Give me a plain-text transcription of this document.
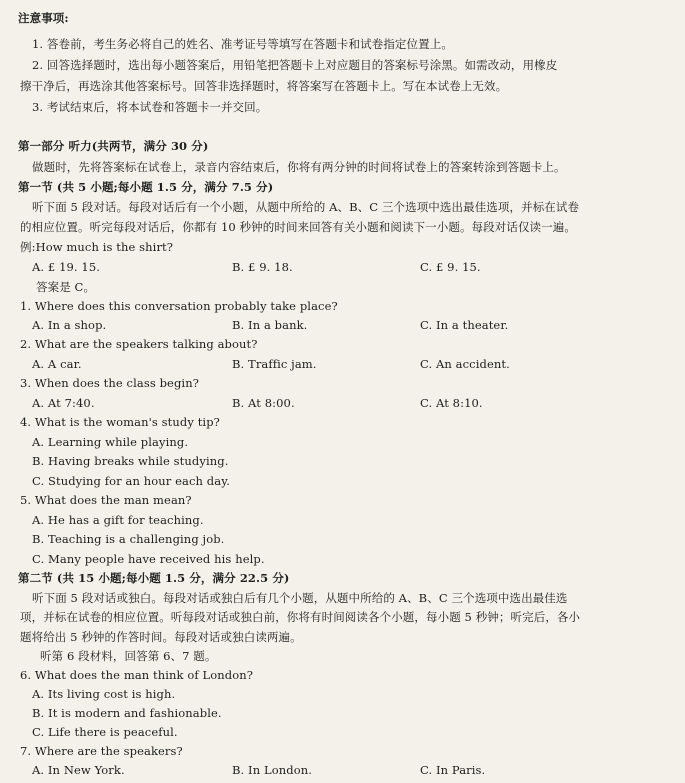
注意事项:
1. 答卷前，考生务必将自己的姓名、准考证号等填写在答题卡和试卷指定位置上。
2. 回答选择题时，选出每小题答案后，用铅笔把答题卡上对应题目的答案标号涂黑。如需改动，用橡皮
擦干净后，再选涂其他答案标号。回答非选择题时，将答案写在答题卡上。写在本试卷上无效。
3. 考试结束后，将本试卷和答题卡一并交回。
第一部分 听力(共两节，满分 30 分)
做题时，先将答案标在试卷上，录音内容结束后，你将有两分钟的时间将试卷上的答案转涂到答题卡上。
第一节 (共 5 小题;每小题 1.5 分，满分 7.5 分)
听下面 5 段对话。每段对话后有一个小题，从题中所给的 A、B、C 三个选项中选出最佳选项，并标在试卷
的相应位置。听完每段对话后，你都有 10 秒钟的时间来回答有关小题和阅读下一小题。每段对话仅读一遍。
例:How much is the shirt?
A. £ 19. 15.	B. £ 9. 18.	C. £ 9. 15.
答案是 C。
1. Where does this conversation probably take place?
A. In a shop.	B. In a bank.	C. In a theater.
2. What are the speakers talking about?
A. A car.	B. Traffic jam.	C. An accident.
3. When does the class begin?
A. At 7:40.	B. At 8:00.	C. At 8:10.
4. What is the woman's study tip?
A. Learning while playing.
B. Having breaks while studying.
C. Studying for an hour each day.
5. What does the man mean?
A. He has a gift for teaching.
B. Teaching is a challenging job.
C. Many people have received his help.
第二节 (共 15 小题;每小题 1.5 分，满分 22.5 分)
听下面 5 段对话或独白。每段对话或独白后有几个小题，从题中所给的 A、B、C 三个选项中选出最佳选
项，并标在试卷的相应位置。听每段对话或独白前，你将有时间阅读各个小题，每小题 5 秒钟；听完后，各小
题将给出 5 秒钟的作答时间。每段对话或独白读两遍。
听第 6 段材料，回答第 6、7 题。
6. What does the man think of London?
A. Its living cost is high.
B. It is modern and fashionable.
C. Life there is peaceful.
7. Where are the speakers?
A. In New York.	B. In London.	C. In Paris.
